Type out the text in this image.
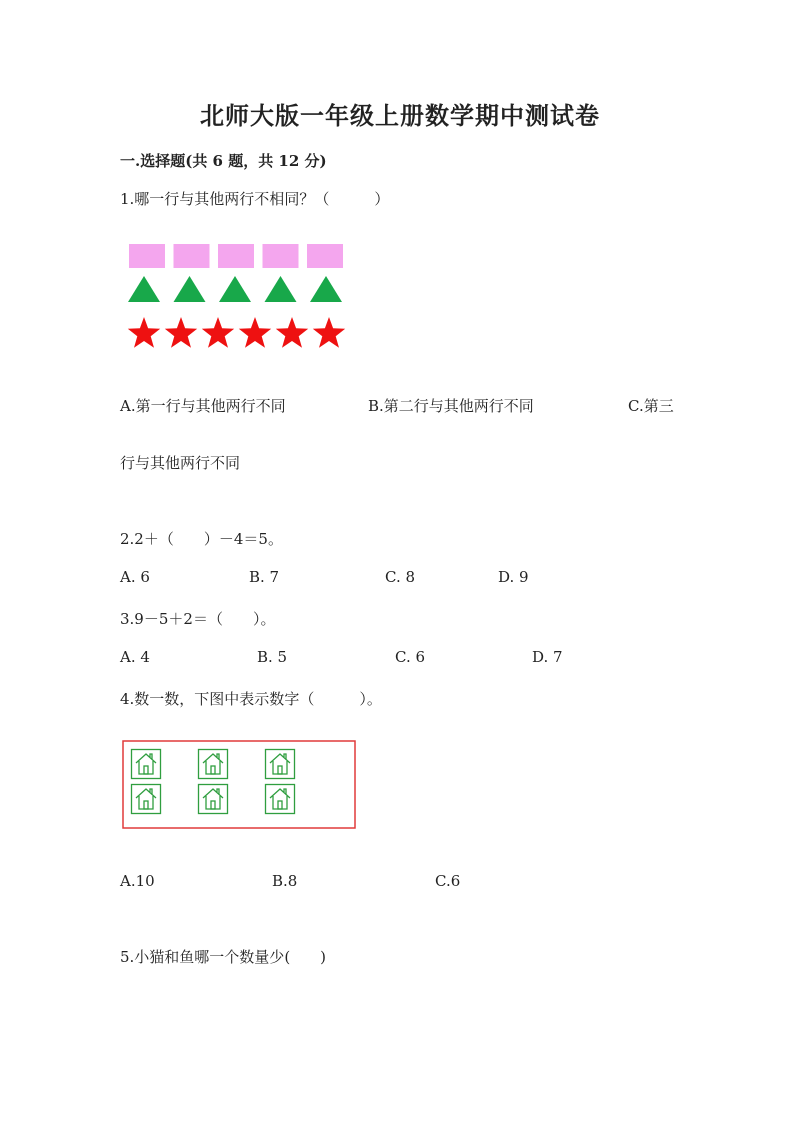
北师大版一年级上册数学期中测试卷
一.选择题(共 6 题，共 12 分)
1.哪一行与其他两行不相同？（　　　）
A.第一行与其他两行不同	B.第二行与其他两行不同	C.第三
行与其他两行不同
2.2＋（　　）－4＝5。
A. 6	B. 7	C. 8	D. 9
3.9－5＋2＝（　　）。
A. 4	B. 5	C. 6	D. 7
4.数一数，下图中表示数字（　　　）。
A.10	B.8	C.6
5.小猫和鱼哪一个数量少(　　)
